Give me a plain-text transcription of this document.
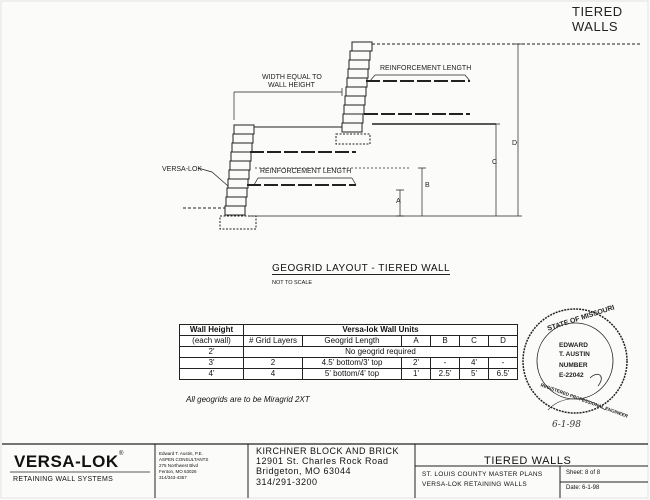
TIERED WALLS
WIDTH EQUAL TO
WALL HEIGHT
REINFORCEMENT LENGTH
REINFORCEMENT LENGTH
VERSA-LOK
A
B
C
D
GEOGRID LAYOUT - TIERED WALL
NOT TO SCALE
Wall Height	Versa-lok Wall Units					
(each wall)	# Grid Layers	Geogrid Length	A	B	C	D
2'	No geogrid required					
3'	2	4.5' bottom/3' top	2'	-	4'	-
4'	4	5' bottom/4' top	1'	2.5'	5'	6.5'
All geogrids are to be Miragrid 2XT
STATE OF MISSOURI
REGISTERED PROFESSIONAL ENGINEER
EDWARD
T. AUSTIN
NUMBER
E-22042
6-1-98
VERSA-LOK ®
RETAINING WALL SYSTEMS
Edward T. Austin, P.E.
ASPEN CONSULTANTS
275 Northwest Blvd
Fenton, MO 63026
314/343-4357
KIRCHNER BLOCK AND BRICK
12901 St. Charles Rock Road
Bridgeton, MO 63044
314/291-3200
TIERED WALLS
ST. LOUIS COUNTY MASTER PLANS
VERSA-LOK RETAINING WALLS
Sheet: 8 of 8
Date: 6-1-98
